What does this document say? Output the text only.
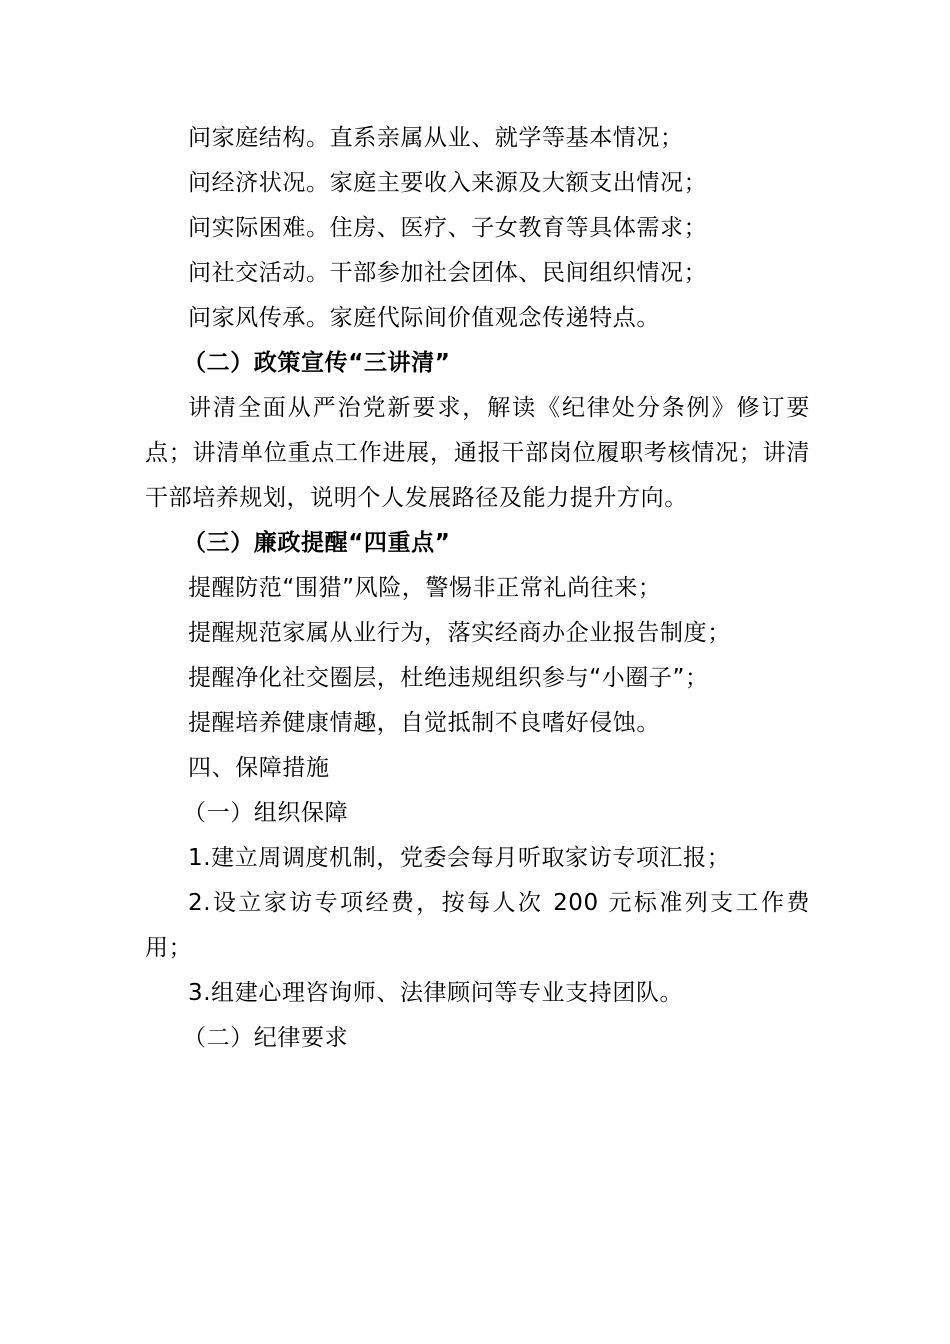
问家庭结构。直系亲属从业、就学等基本情况；
问经济状况。家庭主要收入来源及大额支出情况；
问实际困难。住房、医疗、子女教育等具体需求；
问社交活动。干部参加社会团体、民间组织情况；
问家风传承。家庭代际间价值观念传递特点。
（二）政策宣传“三讲清”
讲清全面从严治党新要求，解读《纪律处分条例》修订要点；讲清单位重点工作进展，通报干部岗位履职考核情况；讲清干部培养规划，说明个人发展路径及能力提升方向。
（三）廉政提醒“四重点”
提醒防范“围猎”风险，警惕非正常礼尚往来；
提醒规范家属从业行为，落实经商办企业报告制度；
提醒净化社交圈层，杜绝违规组织参与“小圈子”；
提醒培养健康情趣，自觉抵制不良嗜好侵蚀。
四、保障措施
（一）组织保障
1.建立周调度机制，党委会每月听取家访专项汇报；
2.设立家访专项经费，按每人次 200 元标准列支工作费用；
3.组建心理咨询师、法律顾问等专业支持团队。
（二）纪律要求
